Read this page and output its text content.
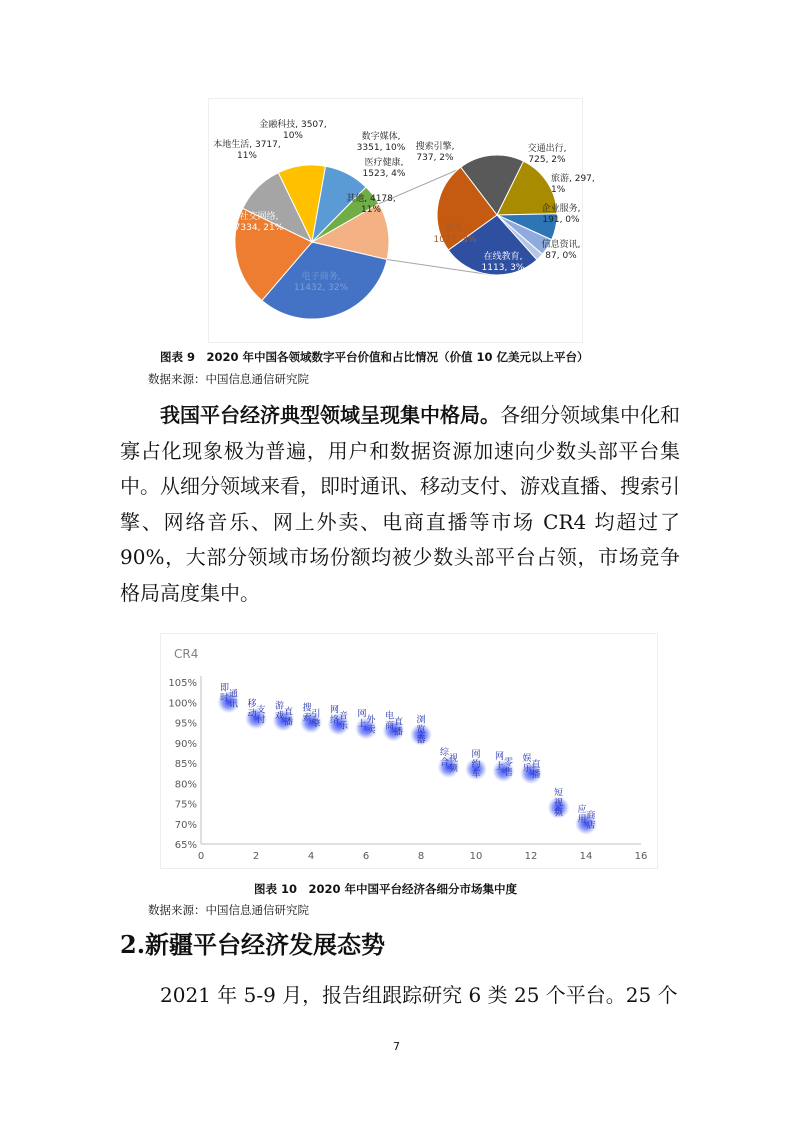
电子商务, 11432, 32%
社交网络, 7334, 21%
本地生活, 3717, 11%
金融科技, 3507, 10%	数字媒体, 3351, 10%
医疗健康, 1523, 4%
其他, 4178, 11%
搜索引擎, 737, 2%
交通出行, 725, 2%
旅游, 297, 1%
企业服务, 191, 0%
信息资讯, 87, 0%
在线教育, 1113, 3%
游戏, 1027, 3%
图表 9　2020 年中国各领域数字平台价值和占比情况（价值 10 亿美元以上平台）
数据来源：中国信息通信研究院
我国平台经济典型领域呈现集中格局。各细分领域集中化和寡占化现象极为普遍，用户和数据资源加速向少数头部平台集中。从细分领域来看，即时通讯、移动支付、游戏直播、搜索引擎、网络音乐、网上外卖、电商直播等市场 CR4 均超过了 90%，大部分领域市场份额均被少数头部平台占领，市场竞争格局高度集中。
CR4
65%
70%
75%
80%
85%
90%
95%
100%
105%
0	2	4	6	8	10	12	14	16
即时通讯 移动支付
游戏直播
搜索引擎
网络音乐
网上外卖
电商直播
浏览器
综合视频
网约车
网上零售
娱乐直播
短视频 应用商店
图表 10　2020 年中国平台经济各细分市场集中度
数据来源：中国信息通信研究院
2.新疆平台经济发展态势
2021 年 5-9 月，报告组跟踪研究 6 类 25 个平台。25 个
7
